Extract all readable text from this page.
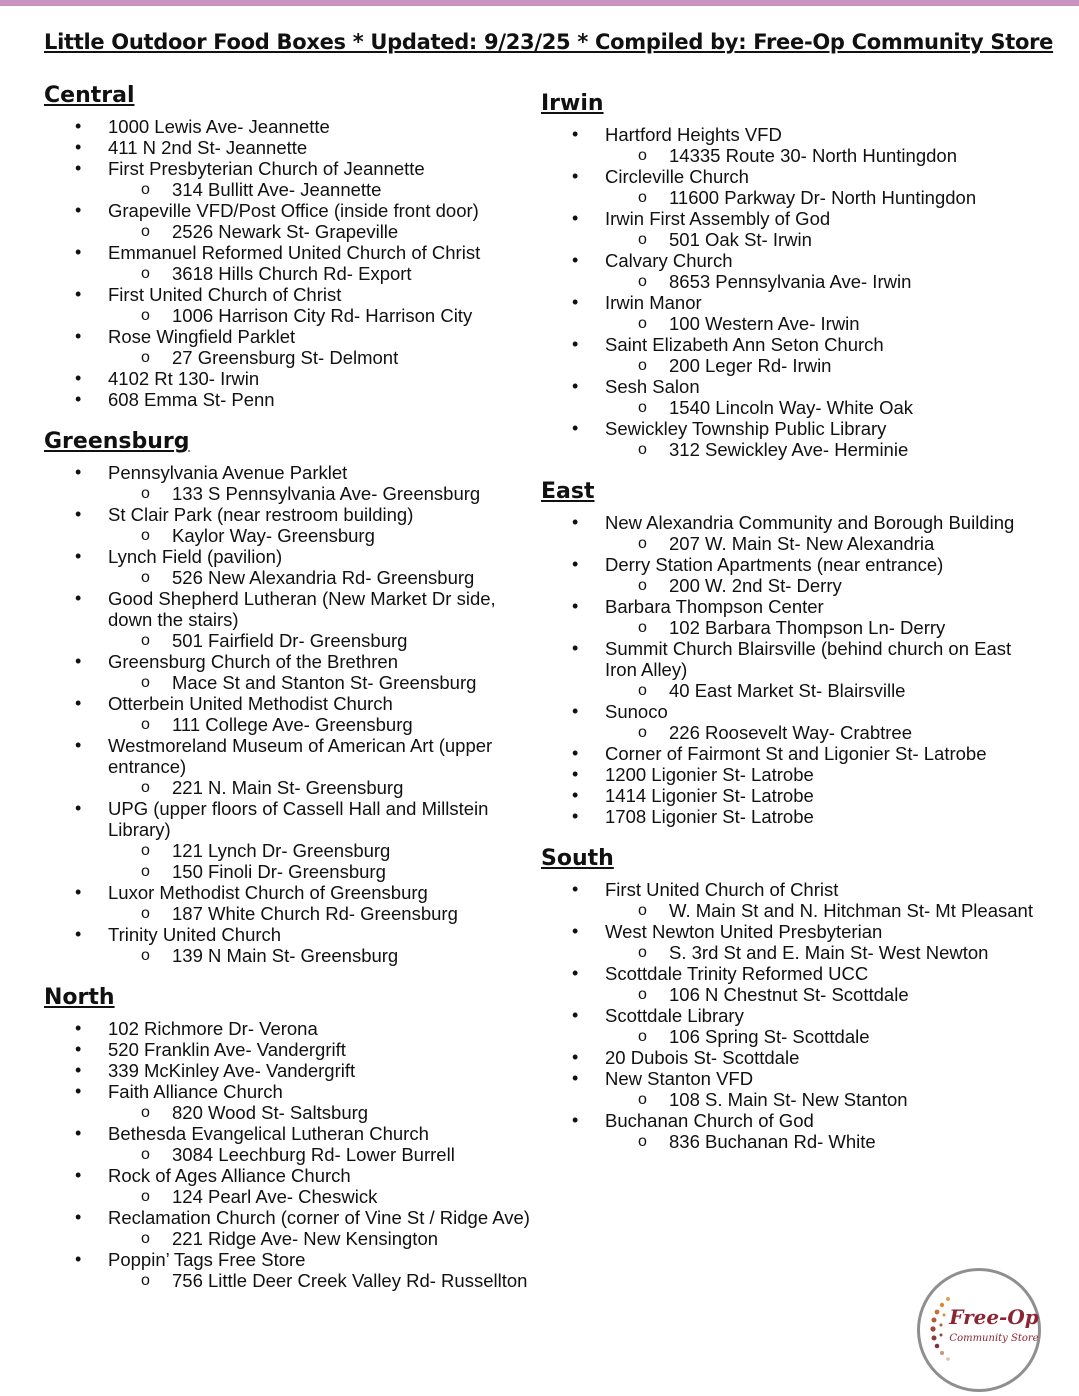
Little Outdoor Food Boxes * Updated: 9/23/25 * Compiled by: Free-Op Community Store
Central
• 1000 Lewis Ave- Jeannette
• 411 N 2nd St- Jeannette
• First Presbyterian Church of Jeannette
o 314 Bullitt Ave- Jeannette
• Grapeville VFD/Post Office (inside front door)
o 2526 Newark St- Grapeville
• Emmanuel Reformed United Church of Christ
o 3618 Hills Church Rd- Export
• First United Church of Christ
o 1006 Harrison City Rd- Harrison City
• Rose Wingfield Parklet
o 27 Greensburg St- Delmont
• 4102 Rt 130- Irwin
• 608 Emma St- Penn
Greensburg
• Pennsylvania Avenue Parklet
o 133 S Pennsylvania Ave- Greensburg
• St Clair Park (near restroom building)
o Kaylor Way- Greensburg
• Lynch Field (pavilion)
o 526 New Alexandria Rd- Greensburg
• Good Shepherd Lutheran (New Market Dr side, down the stairs)
o 501 Fairfield Dr- Greensburg
• Greensburg Church of the Brethren
o Mace St and Stanton St- Greensburg
• Otterbein United Methodist Church
o 111 College Ave- Greensburg
• Westmoreland Museum of American Art (upper entrance)
o 221 N. Main St- Greensburg
• UPG (upper floors of Cassell Hall and Millstein Library)
o 121 Lynch Dr- Greensburg
o 150 Finoli Dr- Greensburg
• Luxor Methodist Church of Greensburg
o 187 White Church Rd- Greensburg
• Trinity United Church
o 139 N Main St- Greensburg
North
• 102 Richmore Dr- Verona
• 520 Franklin Ave- Vandergrift
• 339 McKinley Ave- Vandergrift
• Faith Alliance Church
o 820 Wood St- Saltsburg
• Bethesda Evangelical Lutheran Church
o 3084 Leechburg Rd- Lower Burrell
• Rock of Ages Alliance Church
o 124 Pearl Ave- Cheswick
• Reclamation Church (corner of Vine St / Ridge Ave)
o 221 Ridge Ave- New Kensington
• Poppin’ Tags Free Store
o 756 Little Deer Creek Valley Rd- Russellton
Irwin
• Hartford Heights VFD
o 14335 Route 30- North Huntingdon
• Circleville Church
o 11600 Parkway Dr- North Huntingdon
• Irwin First Assembly of God
o 501 Oak St- Irwin
• Calvary Church
o 8653 Pennsylvania Ave- Irwin
• Irwin Manor
o 100 Western Ave- Irwin
• Saint Elizabeth Ann Seton Church
o 200 Leger Rd- Irwin
• Sesh Salon
o 1540 Lincoln Way- White Oak
• Sewickley Township Public Library
o 312 Sewickley Ave- Herminie
East
• New Alexandria Community and Borough Building
o 207 W. Main St- New Alexandria
• Derry Station Apartments (near entrance)
o 200 W. 2nd St- Derry
• Barbara Thompson Center
o 102 Barbara Thompson Ln- Derry
• Summit Church Blairsville (behind church on East Iron Alley)
o 40 East Market St- Blairsville
• Sunoco
o 226 Roosevelt Way- Crabtree
• Corner of Fairmont St and Ligonier St- Latrobe
• 1200 Ligonier St- Latrobe
• 1414 Ligonier St- Latrobe
• 1708 Ligonier St- Latrobe
South
• First United Church of Christ
o W. Main St and N. Hitchman St- Mt Pleasant
• West Newton United Presbyterian
o S. 3rd St and E. Main St- West Newton
• Scottdale Trinity Reformed UCC
o 106 N Chestnut St- Scottdale
• Scottdale Library
o 106 Spring St- Scottdale
• 20 Dubois St- Scottdale
• New Stanton VFD
o 108 S. Main St- New Stanton
• Buchanan Church of God
o 836 Buchanan Rd- White
Free-Op
Community Store
